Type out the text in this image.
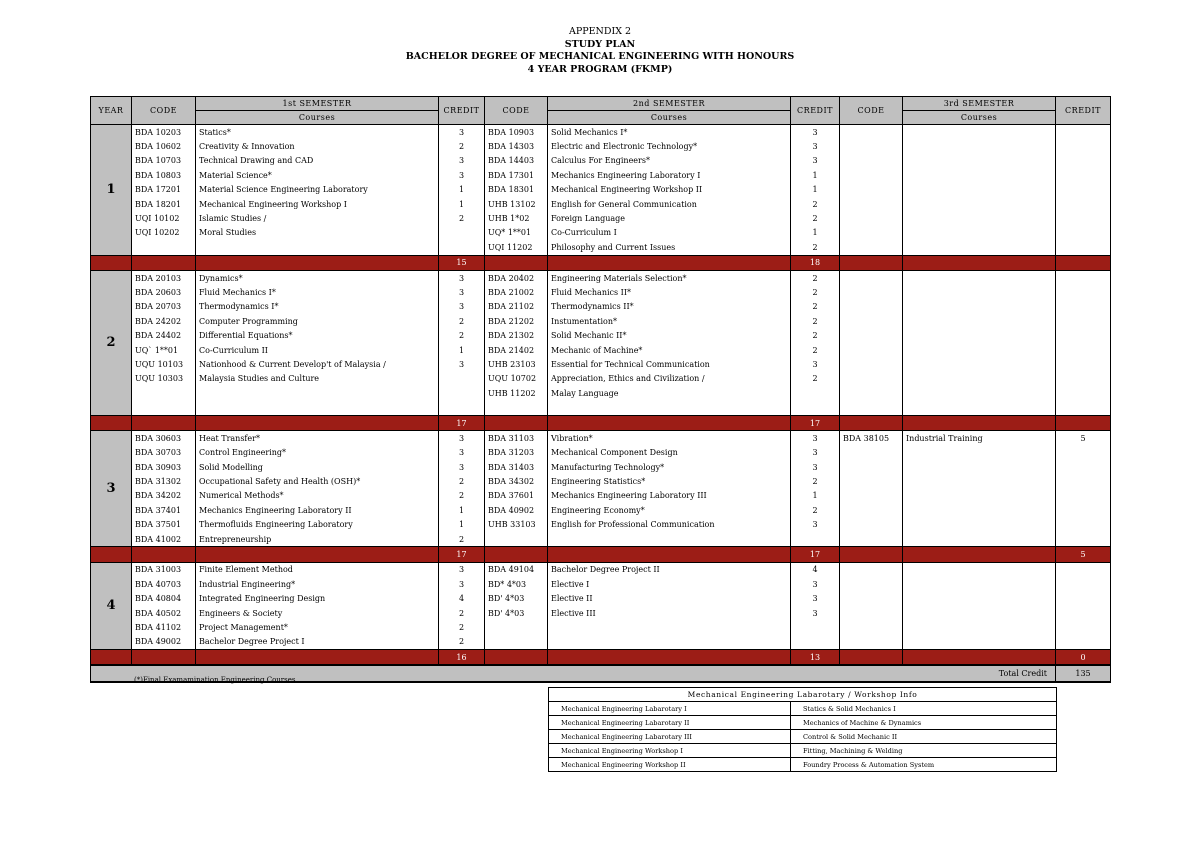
APPENDIX 2
STUDY PLAN
BACHELOR DEGREE OF MECHANICAL ENGINEERING WITH HONOURS
4 YEAR PROGRAM (FKMP)
YEAR	CODE	1st SEMESTER	CREDIT	CODE	2nd SEMESTER	CREDIT	CODE	3rd SEMESTER	CREDIT
		Courses			Courses			Courses	
1	BDA 10203	Statics*	3	BDA 10903	Solid Mechanics I*	3			
	BDA 10602	Creativity & Innovation	2	BDA 14303	Electric and Electronic Technology*	3			
	BDA 10703	Technical Drawing and CAD	3	BDA 14403	Calculus For Engineers*	3			
	BDA 10803	Material Science*	3	BDA 17301	Mechanics Engineering Laboratory I	1			
	BDA 17201	Material Science Engineering Laboratory	1	BDA 18301	Mechanical Engineering Workshop II	1			
	BDA 18201	Mechanical Engineering Workshop I	1	UHB 13102	English for General Communication	2			
	UQI 10102	Islamic Studies /	2	UHB 1*02	Foreign Language	2			
	UQI 10202	Moral Studies		UQ* 1**01	Co-Curriculum I	1			
				UQI 11202	Philosophy and Current Issues	2			
			15			18			
2	BDA 20103	Dynamics*	3	BDA 20402	Engineering Materials Selection*	2			
	BDA 20603	Fluid Mechanics I*	3	BDA 21002	Fluid Mechanics II*	2			
	BDA 20703	Thermodynamics I*	3	BDA 21102	Thermodynamics II*	2			
	BDA 24202	Computer Programming	2	BDA 21202	Instumentation*	2			
	BDA 24402	Differential Equations*	2	BDA 21302	Solid Mechanic II*	2			
	UQ` 1**01	Co-Curriculum II	1	BDA 21402	Mechanic of Machine*	2			
	UQU 10103	Nationhood & Current Develop't of Malaysia /	3	UHB 23103	Essential for Technical Communication	3			
	UQU 10303	Malaysia Studies and Culture		UQU 10702	Appreciation, Ethics and Civilization /	2			
				UHB 11202	Malay Language				

			17			17			
3	BDA 30603	Heat Transfer*	3	BDA 31103	Vibration*	3	BDA 38105	Industrial Training	5
	BDA 30703	Control Engineering*	3	BDA 31203	Mechanical Component Design	3			
	BDA 30903	Solid Modelling	3	BDA 31403	Manufacturing Technology*	3			
	BDA 31302	Occupational Safety and Health (OSH)*	2	BDA 34302	Engineering Statistics*	2			
	BDA 34202	Numerical Methods*	2	BDA 37601	Mechanics Engineering Laboratory III	1			
	BDA 37401	Mechanics Engineering Laboratory II	1	BDA 40902	Engineering Economy*	2			
	BDA 37501	Thermofluids Engineering Laboratory	1	UHB 33103	English for Professional Communication	3			
	BDA 41002	Entrepreneurship	2						
			17			17			5
4	BDA 31003	Finite Element Method	3	BDA 49104	Bachelor Degree Project II	4			
	BDA 40703	Industrial Engineering*	3	BD* 4*03	Elective I	3			
	BDA 40804	Integrated Engineering Design	4	BD' 4*03	Elective II	3			
	BDA 40502	Engineers & Society	2	BD' 4*03	Elective III	3			
	BDA 41102	Project Management*	2						
	BDA 49002	Bachelor Degree Project I	2						
			16			13			0
Total Credit									135
(*)Final Examamination Engineering Courses
Mechanical Engineering Labarotary / Workshop Info	
Mechanical Engineering Labarotary I	Statics & Solid Mechanics I
Mechanical Engineering Labarotary II	Mechanics of Machine & Dynamics
Mechanical Engineering Labarotary III	Control & Solid Mechanic II
Mechanical Engineering Workshop I	Fitting, Machining & Welding
Mechanical Engineering Workshop II	Foundry Process & Automation System
